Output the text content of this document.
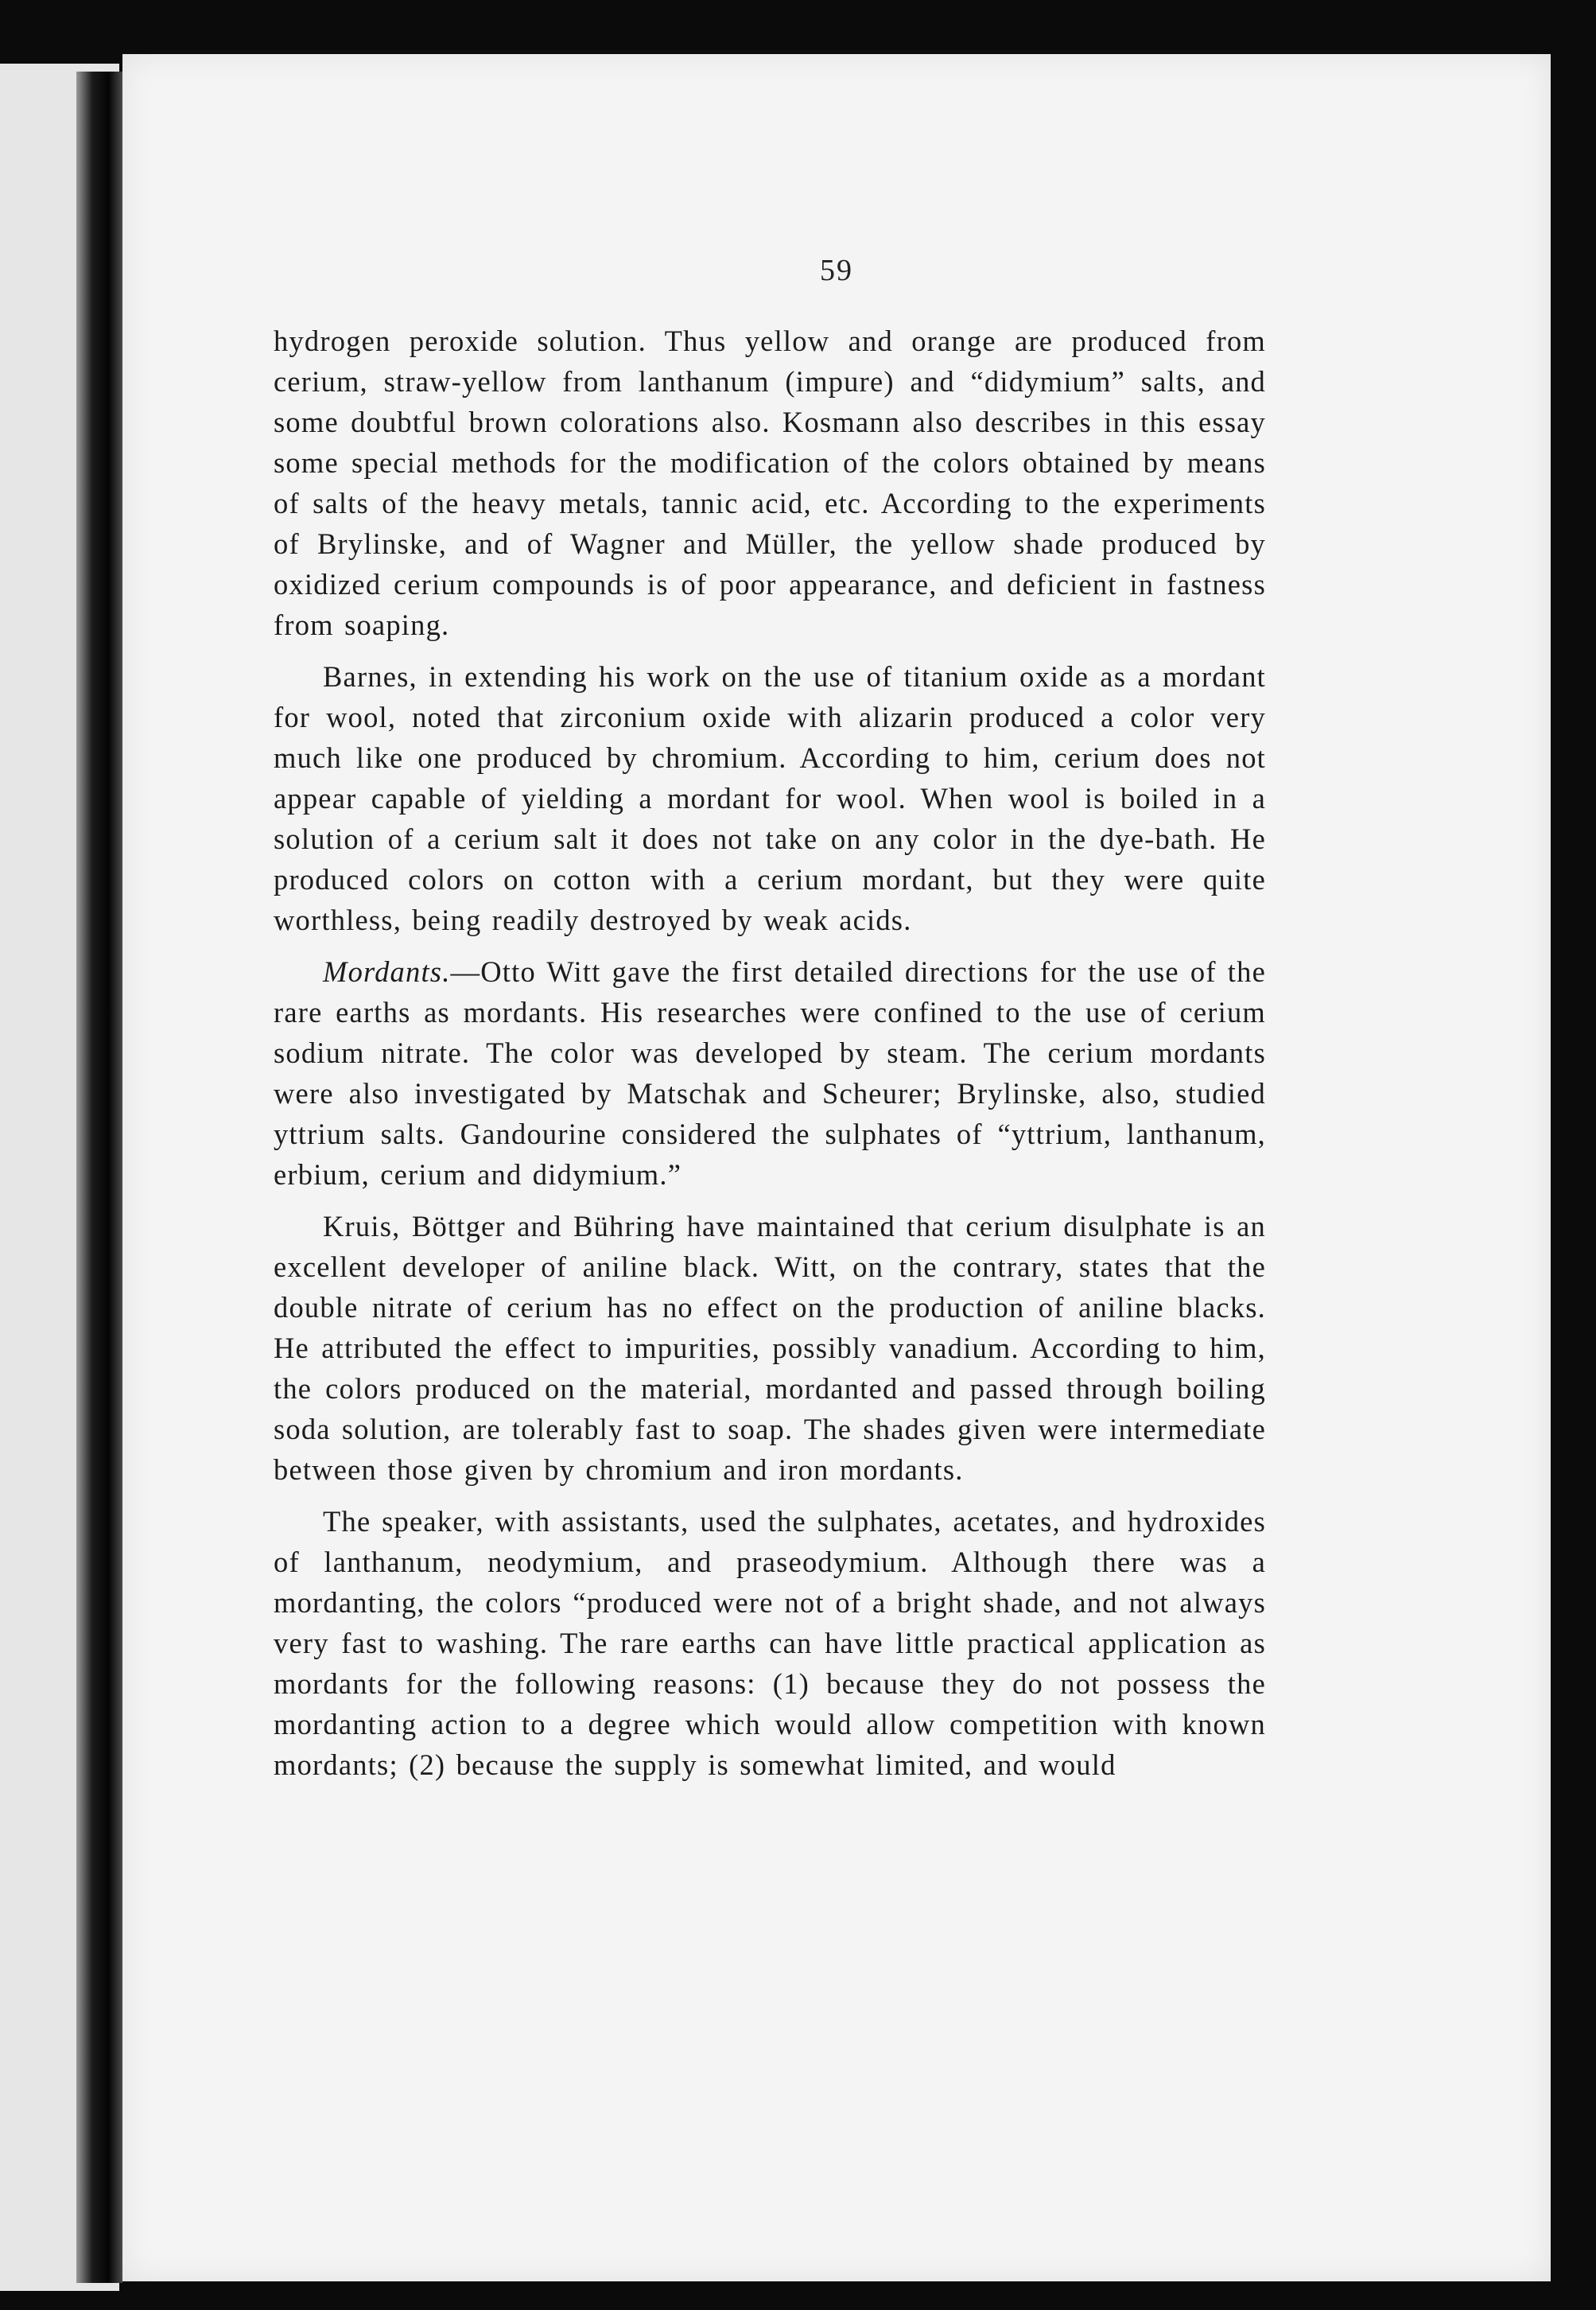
59

hydrogen peroxide solution. Thus yellow and orange are produced from cerium, straw-yellow from lanthanum (impure) and “didymium” salts, and some doubtful brown colorations also. Kosmann also describes in this essay some special methods for the modification of the colors obtained by means of salts of the heavy metals, tannic acid, etc. According to the experiments of Brylinske, and of Wagner and Müller, the yellow shade produced by oxidized cerium compounds is of poor appearance, and deficient in fastness from soaping.

Barnes, in extending his work on the use of titanium oxide as a mordant for wool, noted that zirconium oxide with alizarin produced a color very much like one produced by chromium. According to him, cerium does not appear capable of yielding a mordant for wool. When wool is boiled in a solution of a cerium salt it does not take on any color in the dye-bath. He produced colors on cotton with a cerium mordant, but they were quite worthless, being readily destroyed by weak acids.

Mordants.—Otto Witt gave the first detailed directions for the use of the rare earths as mordants. His researches were confined to the use of cerium sodium nitrate. The color was developed by steam. The cerium mordants were also investigated by Matschak and Scheurer; Brylinske, also, studied yttrium salts. Gandourine considered the sulphates of “yttrium, lanthanum, erbium, cerium and didymium.”

Kruis, Böttger and Bühring have maintained that cerium disulphate is an excellent developer of aniline black. Witt, on the contrary, states that the double nitrate of cerium has no effect on the production of aniline blacks. He attributed the effect to impurities, possibly vanadium. According to him, the colors produced on the material, mordanted and passed through boiling soda solution, are tolerably fast to soap. The shades given were intermediate between those given by chromium and iron mordants.

The speaker, with assistants, used the sulphates, acetates, and hydroxides of lanthanum, neodymium, and praseodymium. Although there was a mordanting, the colors “produced were not of a bright shade, and not always very fast to washing. The rare earths can have little practical application as mordants for the following reasons: (1) because they do not possess the mordanting action to a degree which would allow competition with known mordants; (2) because the supply is somewhat limited, and would
